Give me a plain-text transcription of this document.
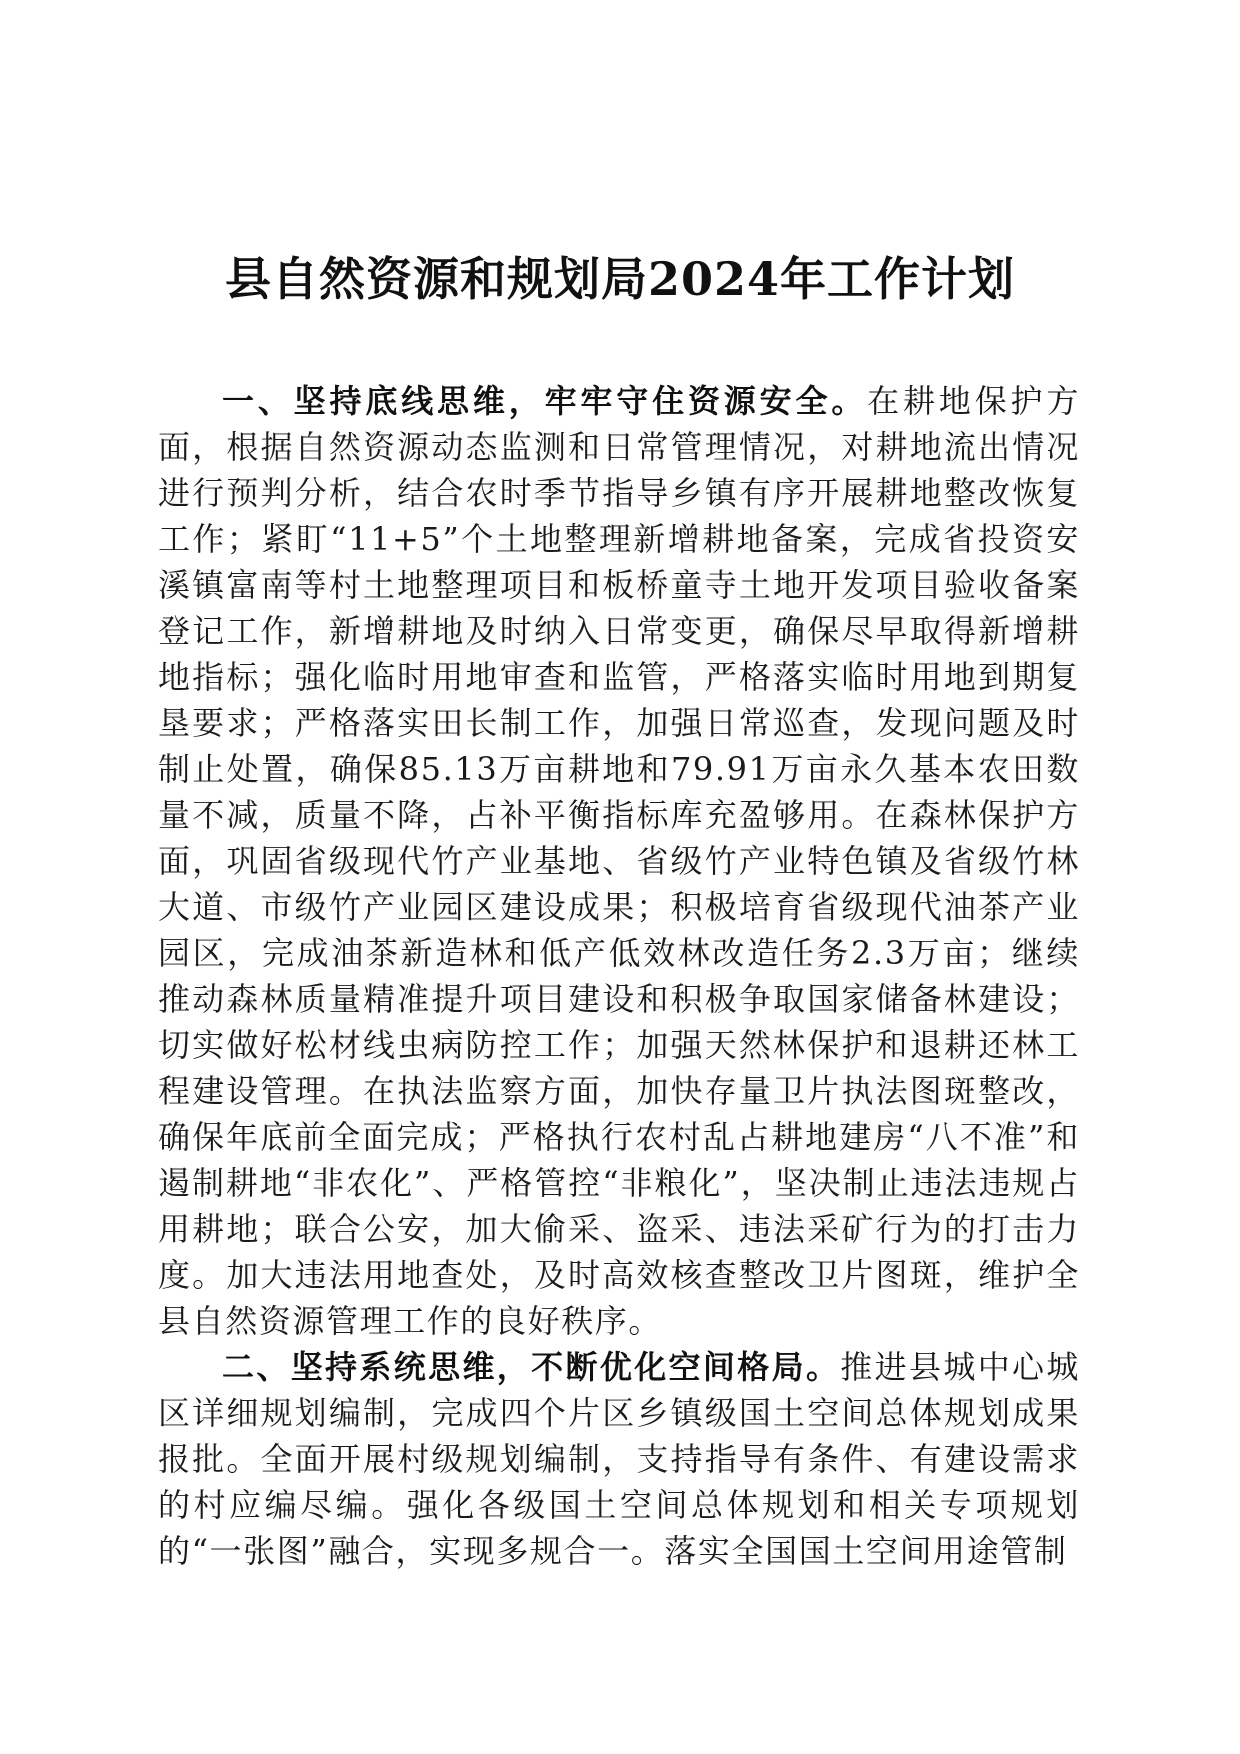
县自然资源和规划局2024年工作计划

一、坚持底线思维，牢牢守住资源安全。在耕地保护方面，根据自然资源动态监测和日常管理情况，对耕地流出情况进行预判分析，结合农时季节指导乡镇有序开展耕地整改恢复工作；紧盯“11+5”个土地整理新增耕地备案，完成省投资安溪镇富南等村土地整理项目和板桥童寺土地开发项目验收备案登记工作，新增耕地及时纳入日常变更，确保尽早取得新增耕地指标；强化临时用地审查和监管，严格落实临时用地到期复垦要求；严格落实田长制工作，加强日常巡查，发现问题及时制止处置，确保85.13万亩耕地和79.91万亩永久基本农田数量不减，质量不降，占补平衡指标库充盈够用。在森林保护方面，巩固省级现代竹产业基地、省级竹产业特色镇及省级竹林大道、市级竹产业园区建设成果；积极培育省级现代油茶产业园区，完成油茶新造林和低产低效林改造任务2.3万亩；继续推动森林质量精准提升项目建设和积极争取国家储备林建设；切实做好松材线虫病防控工作；加强天然林保护和退耕还林工程建设管理。在执法监察方面，加快存量卫片执法图斑整改，确保年底前全面完成；严格执行农村乱占耕地建房“八不准”和遏制耕地“非农化”、严格管控“非粮化”，坚决制止违法违规占用耕地；联合公安，加大偷采、盗采、违法采矿行为的打击力度。加大违法用地查处，及时高效核查整改卫片图斑，维护全县自然资源管理工作的良好秩序。

二、坚持系统思维，不断优化空间格局。推进县城中心城区详细规划编制，完成四个片区乡镇级国土空间总体规划成果报批。全面开展村级规划编制，支持指导有条件、有建设需求的村应编尽编。强化各级国土空间总体规划和相关专项规划的“一张图”融合，实现多规合一。落实全国国土空间用途管制
